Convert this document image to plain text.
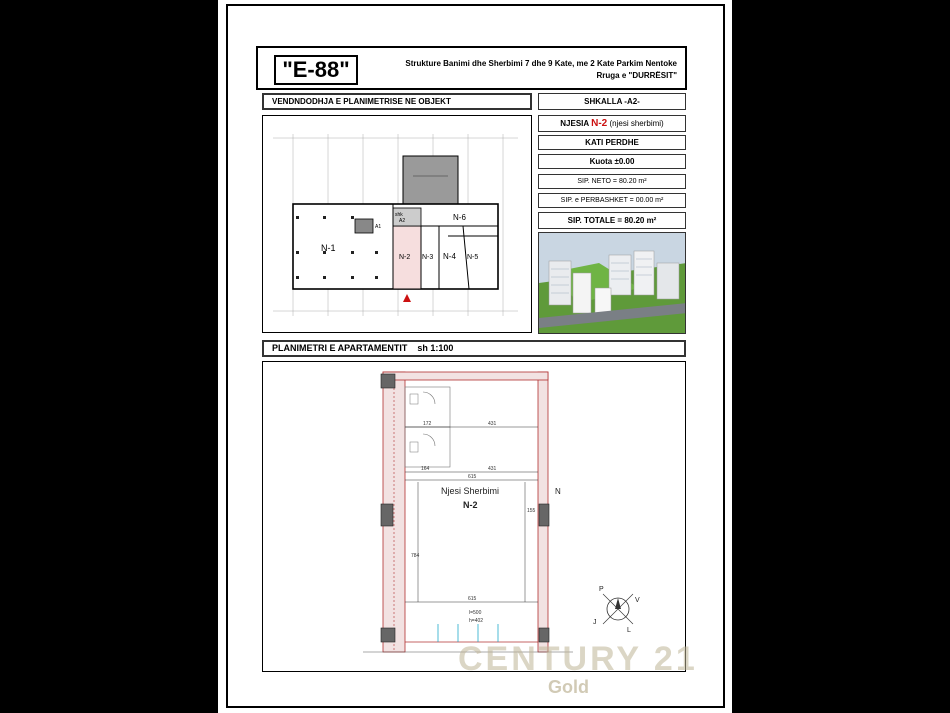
"E-88"	Strukture Banimi dhe Sherbimi 7 dhe 9 Kate, me 2 Kate Parkim Nentoke
Rruga e "DURRËSIT"
VENDNDODHJA E PLANIMETRISE NE OBJEKT
N-1
N-2 N-3 N-4 N-5
N-6
shk
A2
A1
SHKALLA -A2-
NJESIA N-2 (njesi sherbimi)
KATI PERDHE
Kuota ±0.00
SIP. NETO = 80.20 m²
SIP. e PERBASHKET = 00.00 m²
SIP. TOTALE = 80.20 m²
PLANIMETRI E APARTAMENTIT sh 1:100
172	431
164	431
615
615
155
784
l=500
h=402
Njesi Sherbimi
N-2
N
P
V
J
L
CENTURY 21
Gold
